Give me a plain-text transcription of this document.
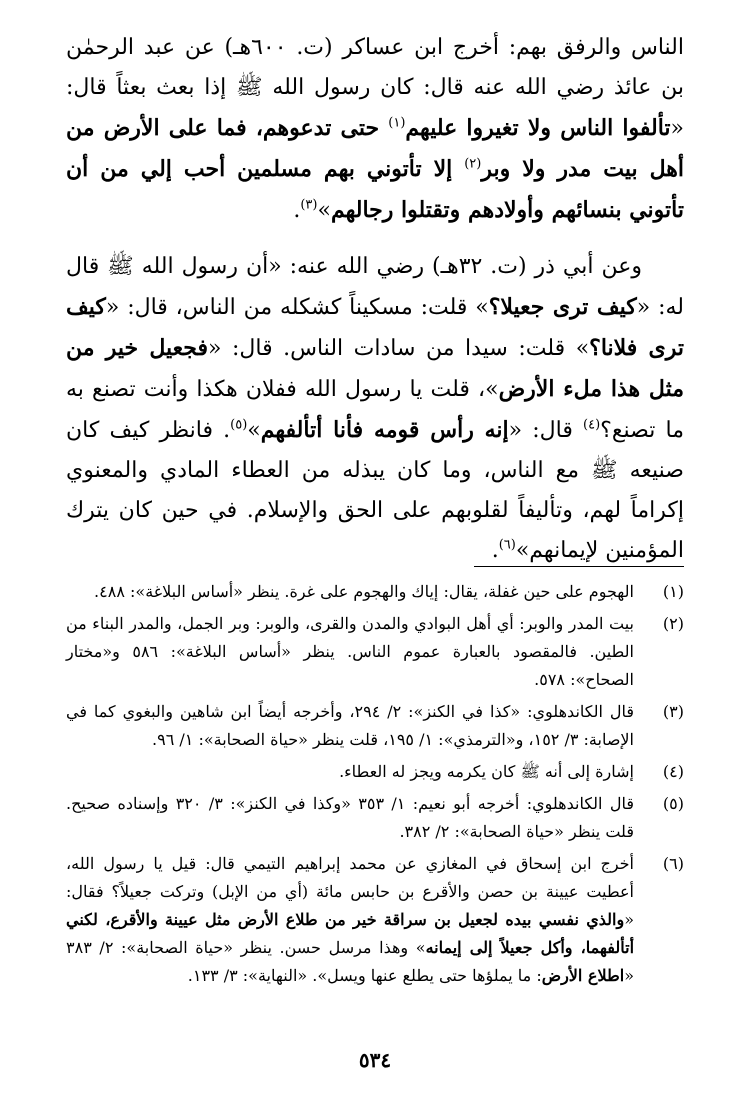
الناس والرفق بهم: أخرج ابن عساكر (ت. ٦٠٠هـ) عن عبد الرحمٰن بن عائذ رضي الله عنه قال: كان رسول الله ﷺ إذا بعث بعثاً قال: «تألفوا الناس ولا تغيروا عليهم$^{(١)}$ حتى تدعوهم، فما على الأرض من أهل بيت مدر ولا وبر$^{(٢)}$ إلا تأتوني بهم مسلمين أحب إلي من أن تأتوني بنسائهم وأولادهم وتقتلوا رجالهم»$^{(٣)}$.

وعن أبي ذر (ت. ٣٢هـ) رضي الله عنه: «أن رسول الله ﷺ قال له: «كيف ترى جعيلا؟» قلت: مسكيناً كشكله من الناس، قال: «كيف ترى فلانا؟» قلت: سيدا من سادات الناس. قال: «فجعيل خير من مثل هذا ملء الأرض»، قلت يا رسول الله ففلان هكذا وأنت تصنع به ما تصنع؟$^{(٤)}$ قال: «إنه رأس قومه فأنا أتألفهم»$^{(٥)}$. فانظر كيف كان صنيعه ﷺ مع الناس، وما كان يبذله من العطاء المادي والمعنوي إكراماً لهم، وتأليفاً لقلوبهم على الحق والإسلام. في حين كان يترك المؤمنين لإيمانهم»$^{(٦)}$.

(١)
الهجوم على حين غفلة، يقال: إياك والهجوم على غرة. ينظر «أساس البلاغة»: ٤٨٨.
(٢)
بيت المدر والوبر: أي أهل البوادي والمدن والقرى، والوبر: وبر الجمل، والمدر البناء من الطين. فالمقصود بالعبارة عموم الناس. ينظر «أساس البلاغة»: ٥٨٦ و«مختار الصحاح»: ٥٧٨.
(٣)
قال الكاندهلوي: «كذا في الكنز»: ٢/ ٢٩٤، وأخرجه أيضاً ابن شاهين والبغوي كما في الإصابة: ٣/ ١٥٢، و«الترمذي»: ١/ ١٩٥، قلت ينظر «حياة الصحابة»: ١/ ٩٦.
(٤)
إشارة إلى أنه ﷺ كان يكرمه ويجز له العطاء.
(٥)
قال الكاندهلوي: أخرجه أبو نعيم: ١/ ٣٥٣ «وكذا في الكنز»: ٣/ ٣٢٠ وإسناده صحيح. قلت ينظر «حياة الصحابة»: ٢/ ٣٨٢.
(٦)
أخرج ابن إسحاق في المغازي عن محمد إبراهيم التيمي قال: قيل يا رسول الله، أعطيت عيينة بن حصن والأقرع بن حابس مائة (أي من الإبل) وتركت جعيلاً؟ فقال: «والذي نفسي بيده لجعيل بن سراقة خير من طلاع الأرض مثل عيينة والأقرع، لكني أتألفهما، وأكل جعيلاً إلى إيمانه» وهذا مرسل حسن. ينظر «حياة الصحابة»: ٢/ ٣٨٣ «اطلاع الأرض: ما يملؤها حتى يطلع عنها ويسل». «النهاية»: ٣/ ١٣٣.
٥٣٤
